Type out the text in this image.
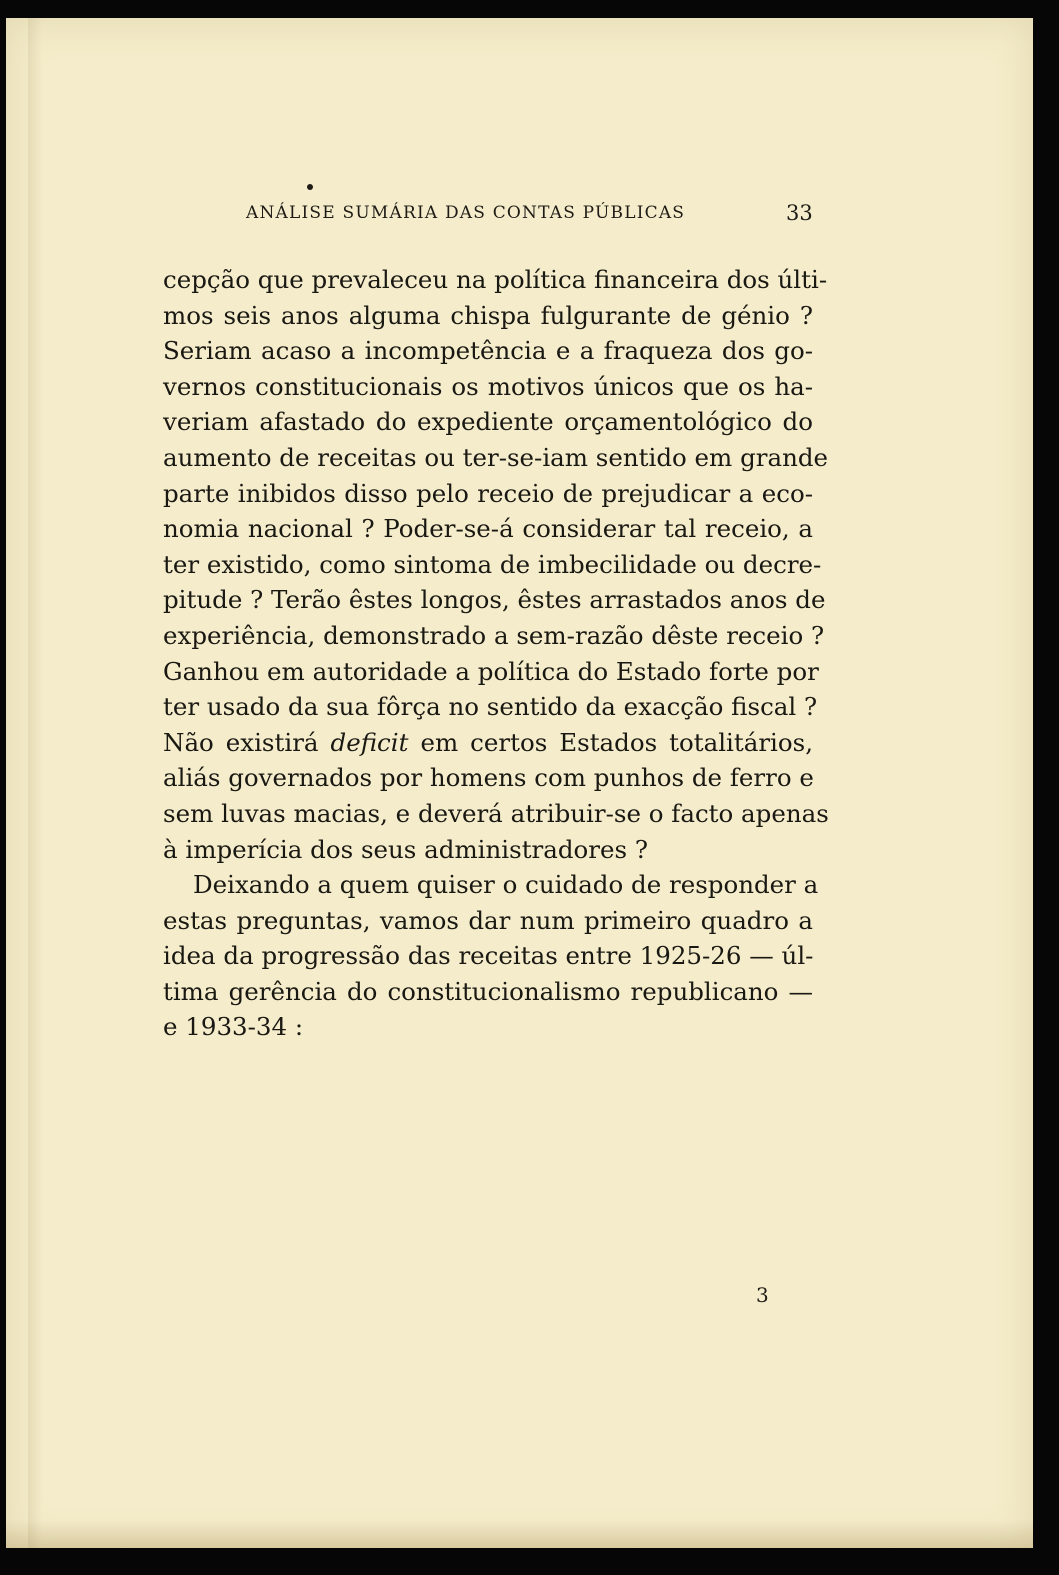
ANÁLISE SUMÁRIA DAS CONTAS PÚBLICAS	33
cepção que prevaleceu na política financeira dos últi-
mos seis anos alguma chispa fulgurante de génio ?
Seriam acaso a incompetência e a fraqueza dos go-
vernos constitucionais os motivos únicos que os ha-
veriam afastado do expediente orçamentológico do
aumento de receitas ou ter-se-iam sentido em grande
parte inibidos disso pelo receio de prejudicar a eco-
nomia nacional ? Poder-se-á considerar tal receio, a
ter existido, como sintoma de imbecilidade ou decre-
pitude ? Terão êstes longos, êstes arrastados anos de
experiência, demonstrado a sem-razão dêste receio ?
Ganhou em autoridade a política do Estado forte por
ter usado da sua fôrça no sentido da exacção fiscal ?
Não existirá deficit em certos Estados totalitários,
aliás governados por homens com punhos de ferro e
sem luvas macias, e deverá atribuir-se o facto apenas
à imperícia dos seus administradores ?
Deixando a quem quiser o cuidado de responder a
estas preguntas, vamos dar num primeiro quadro a
idea da progressão das receitas entre 1925-26 — úl-
tima gerência do constitucionalismo republicano —
e 1933-34 :
3
